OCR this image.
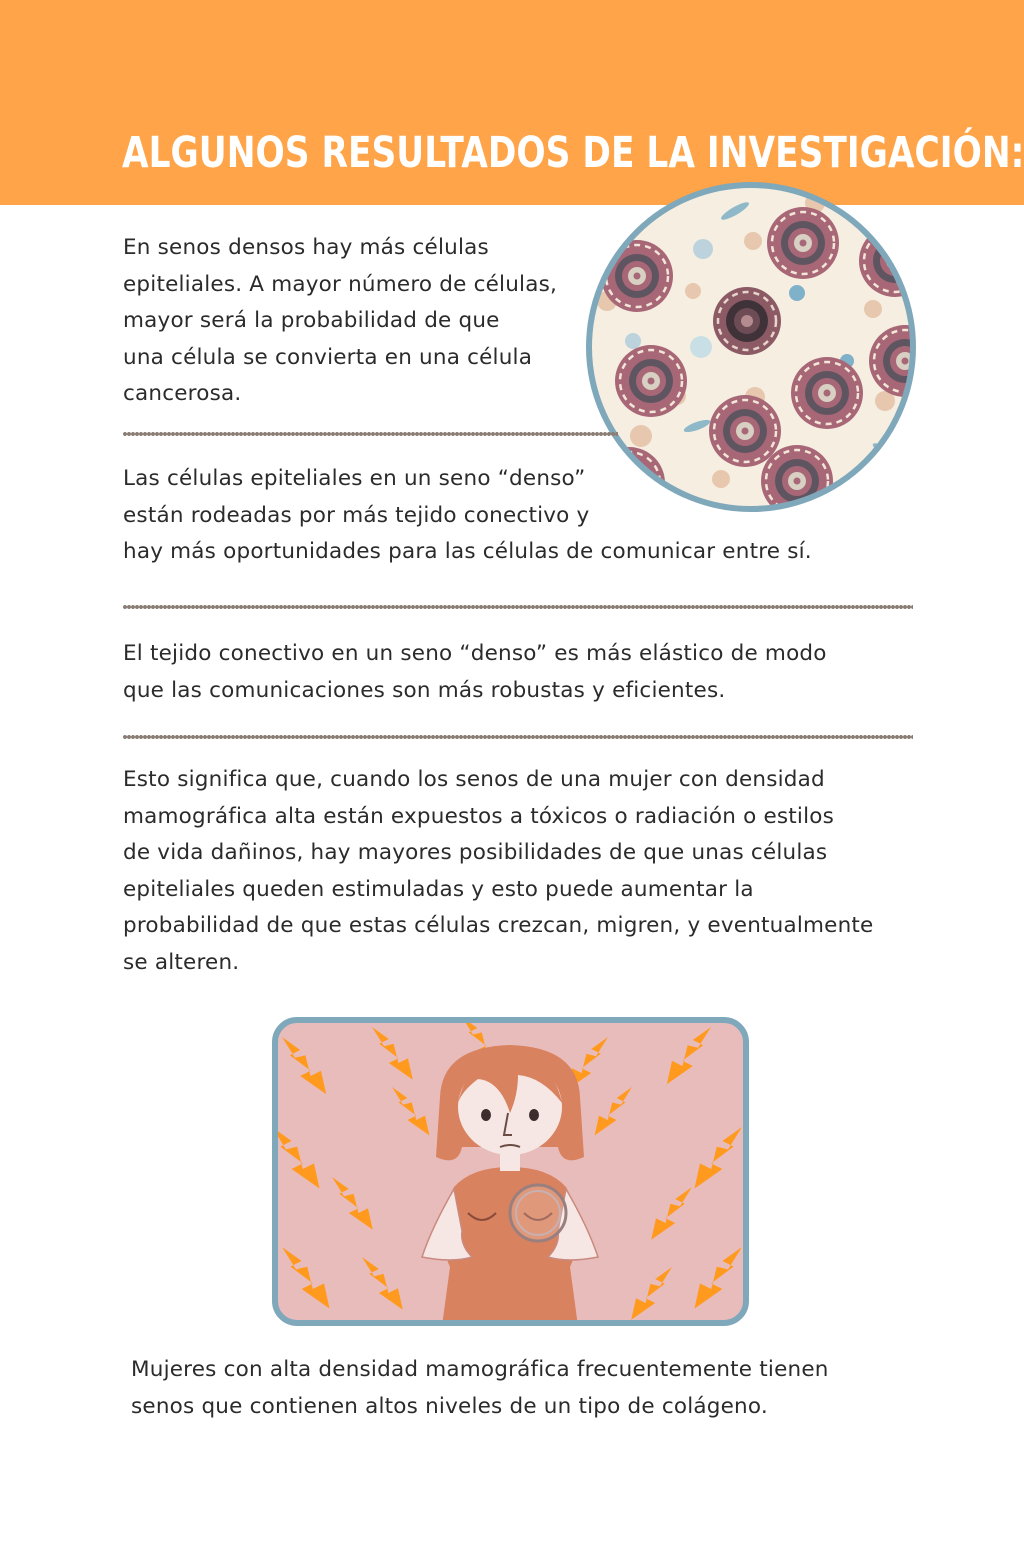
ALGUNOS RESULTADOS DE LA INVESTIGACIÓN:

En senos densos hay más células
epiteliales. A mayor número de células,
mayor será la probabilidad de que
una célula se convierta en una célula
cancerosa.

Las células epiteliales en un seno “denso”
están rodeadas por más tejido conectivo y
hay más oportunidades para las células de comunicar entre sí.

El tejido conectivo en un seno “denso” es más elástico de modo
que las comunicaciones son más robustas y eficientes.

Esto significa que, cuando los senos de una mujer con densidad
mamográfica alta están expuestos a tóxicos o radiación o estilos
de vida dañinos, hay mayores posibilidades de que unas células
epiteliales queden estimuladas y esto puede aumentar la
probabilidad de que estas células crezcan, migren, y eventualmente
se alteren.

Mujeres con alta densidad mamográfica frecuentemente tienen
senos que contienen altos niveles de un tipo de colágeno.
